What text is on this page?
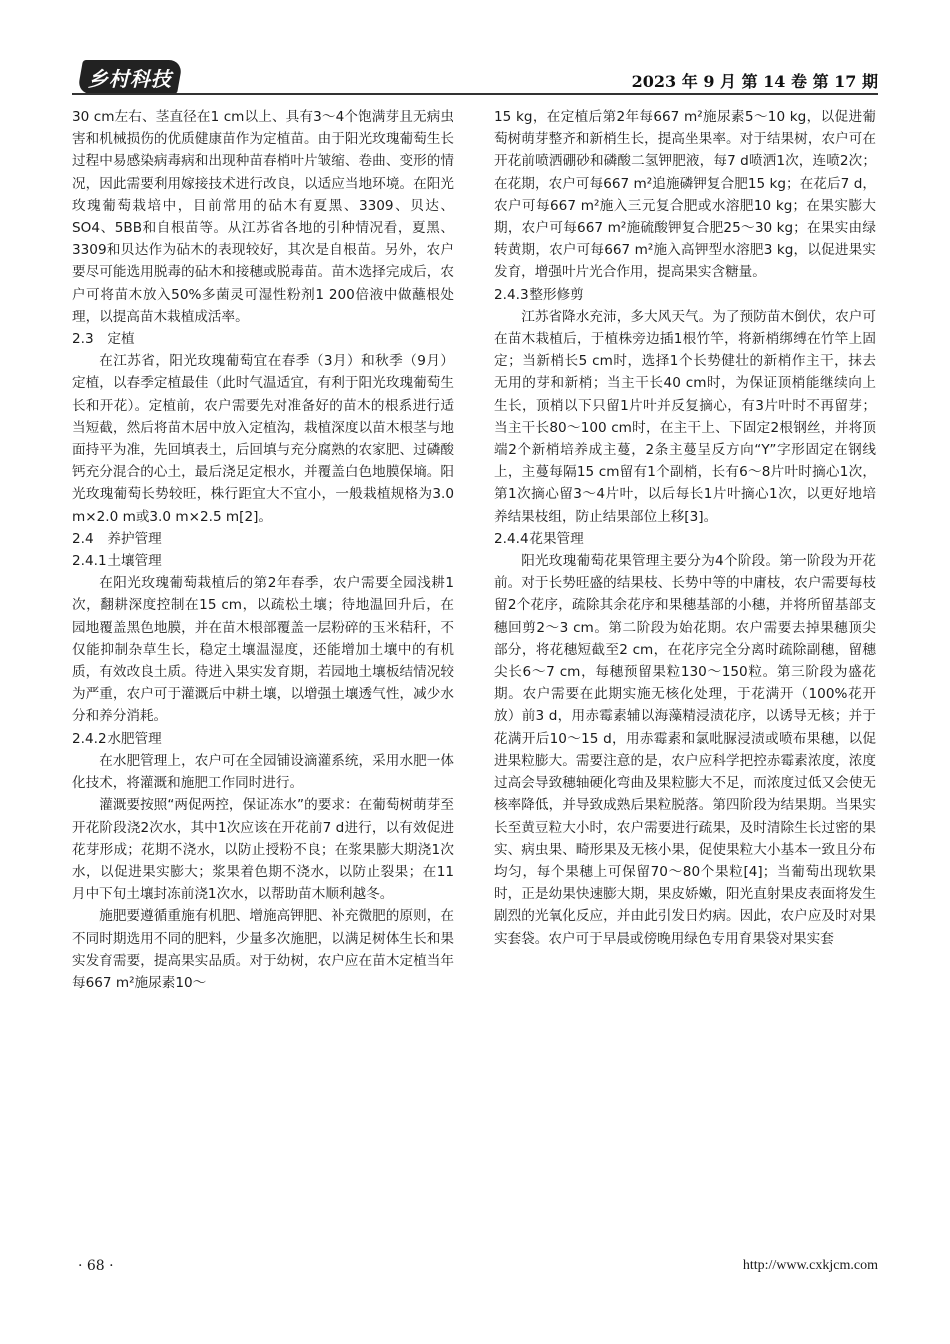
乡村科技	2023 年 9 月 第 14 卷 第 17 期

30 cm左右、茎直径在1 cm以上、具有3～4个饱满芽且无病虫害和机械损伤的优质健康苗作为定植苗。由于阳光玫瑰葡萄生长过程中易感染病毒病和出现种苗春梢叶片皱缩、卷曲、变形的情况，因此需要利用嫁接技术进行改良，以适应当地环境。在阳光玫瑰葡萄栽培中，目前常用的砧木有夏黑、3309、贝达、SO4、5BB和自根苗等。从江苏省各地的引种情况看，夏黑、3309和贝达作为砧木的表现较好，其次是自根苗。另外，农户要尽可能选用脱毒的砧木和接穗或脱毒苗。苗木选择完成后，农户可将苗木放入50%多菌灵可湿性粉剂1 200倍液中做蘸根处理，以提高苗木栽植成活率。

2.3 定植

在江苏省，阳光玫瑰葡萄宜在春季（3月）和秋季（9月）定植，以春季定植最佳（此时气温适宜，有利于阳光玫瑰葡萄生长和开花）。定植前，农户需要先对准备好的苗木的根系进行适当短截，然后将苗木居中放入定植沟，栽植深度以苗木根茎与地面持平为准，先回填表土，后回填与充分腐熟的农家肥、过磷酸钙充分混合的心土，最后浇足定根水，并覆盖白色地膜保墒。阳光玫瑰葡萄长势较旺，株行距宜大不宜小，一般栽植规格为3.0 m×2.0 m或3.0 m×2.5 m[2]。

2.4 养护管理

2.4.1土壤管理

在阳光玫瑰葡萄栽植后的第2年春季，农户需要全园浅耕1次，翻耕深度控制在15 cm，以疏松土壤；待地温回升后，在园地覆盖黑色地膜，并在苗木根部覆盖一层粉碎的玉米秸秆，不仅能抑制杂草生长，稳定土壤温湿度，还能增加土壤中的有机质，有效改良土质。待进入果实发育期，若园地土壤板结情况较为严重，农户可于灌溉后中耕土壤，以增强土壤透气性，减少水分和养分消耗。

2.4.2水肥管理

在水肥管理上，农户可在全园铺设滴灌系统，采用水肥一体化技术，将灌溉和施肥工作同时进行。

灌溉要按照“两促两控，保证冻水”的要求：在葡萄树萌芽至开花阶段浇2次水，其中1次应该在开花前7 d进行，以有效促进花芽形成；花期不浇水，以防止授粉不良；在浆果膨大期浇1次水，以促进果实膨大；浆果着色期不浇水，以防止裂果；在11月中下旬土壤封冻前浇1次水，以帮助苗木顺利越冬。

施肥要遵循重施有机肥、增施高钾肥、补充微肥的原则，在不同时期选用不同的肥料，少量多次施肥，以满足树体生长和果实发育需要，提高果实品质。对于幼树，农户应在苗木定植当年每667 m²施尿素10～

15 kg，在定植后第2年每667 m²施尿素5～10 kg，以促进葡萄树萌芽整齐和新梢生长，提高坐果率。对于结果树，农户可在开花前喷洒硼砂和磷酸二氢钾肥液，每7 d喷洒1次，连喷2次；在花期，农户可每667 m²追施磷钾复合肥15 kg；在花后7 d，农户可每667 m²施入三元复合肥或水溶肥10 kg；在果实膨大期，农户可每667 m²施硫酸钾复合肥25～30 kg；在果实由绿转黄期，农户可每667 m²施入高钾型水溶肥3 kg，以促进果实发育，增强叶片光合作用，提高果实含糖量。

2.4.3整形修剪

江苏省降水充沛，多大风天气。为了预防苗木倒伏，农户可在苗木栽植后，于植株旁边插1根竹竿，将新梢绑缚在竹竿上固定；当新梢长5 cm时，选择1个长势健壮的新梢作主干，抹去无用的芽和新梢；当主干长40 cm时，为保证顶梢能继续向上生长，顶梢以下只留1片叶并反复摘心，有3片叶时不再留芽；当主干长80～100 cm时，在主干上、下固定2根钢丝，并将顶端2个新梢培养成主蔓，2条主蔓呈反方向“Y”字形固定在钢线上，主蔓每隔15 cm留有1个副梢，长有6～8片叶时摘心1次，第1次摘心留3～4片叶，以后每长1片叶摘心1次，以更好地培养结果枝组，防止结果部位上移[3]。

2.4.4花果管理

阳光玫瑰葡萄花果管理主要分为4个阶段。第一阶段为开花前。对于长势旺盛的结果枝、长势中等的中庸枝，农户需要每枝留2个花序，疏除其余花序和果穗基部的小穗，并将所留基部支穗回剪2～3 cm。第二阶段为始花期。农户需要去掉果穗顶尖部分，将花穗短截至2 cm，在花序完全分离时疏除副穗，留穗尖长6～7 cm，每穗预留果粒130～150粒。第三阶段为盛花期。农户需要在此期实施无核化处理，于花满开（100%花开放）前3 d，用赤霉素辅以海藻精浸渍花序，以诱导无核；并于花满开后10～15 d，用赤霉素和氯吡脲浸渍或喷布果穗，以促进果粒膨大。需要注意的是，农户应科学把控赤霉素浓度，浓度过高会导致穗轴硬化弯曲及果粒膨大不足，而浓度过低又会使无核率降低，并导致成熟后果粒脱落。第四阶段为结果期。当果实长至黄豆粒大小时，农户需要进行疏果，及时清除生长过密的果实、病虫果、畸形果及无核小果，促使果粒大小基本一致且分布均匀，每个果穗上可保留70～80个果粒[4]；当葡萄出现软果时，正是幼果快速膨大期，果皮娇嫩，阳光直射果皮表面将发生剧烈的光氧化反应，并由此引发日灼病。因此，农户应及时对果实套袋。农户可于早晨或傍晚用绿色专用育果袋对果实套

· 68 ·	http://www.cxkjcm.com
